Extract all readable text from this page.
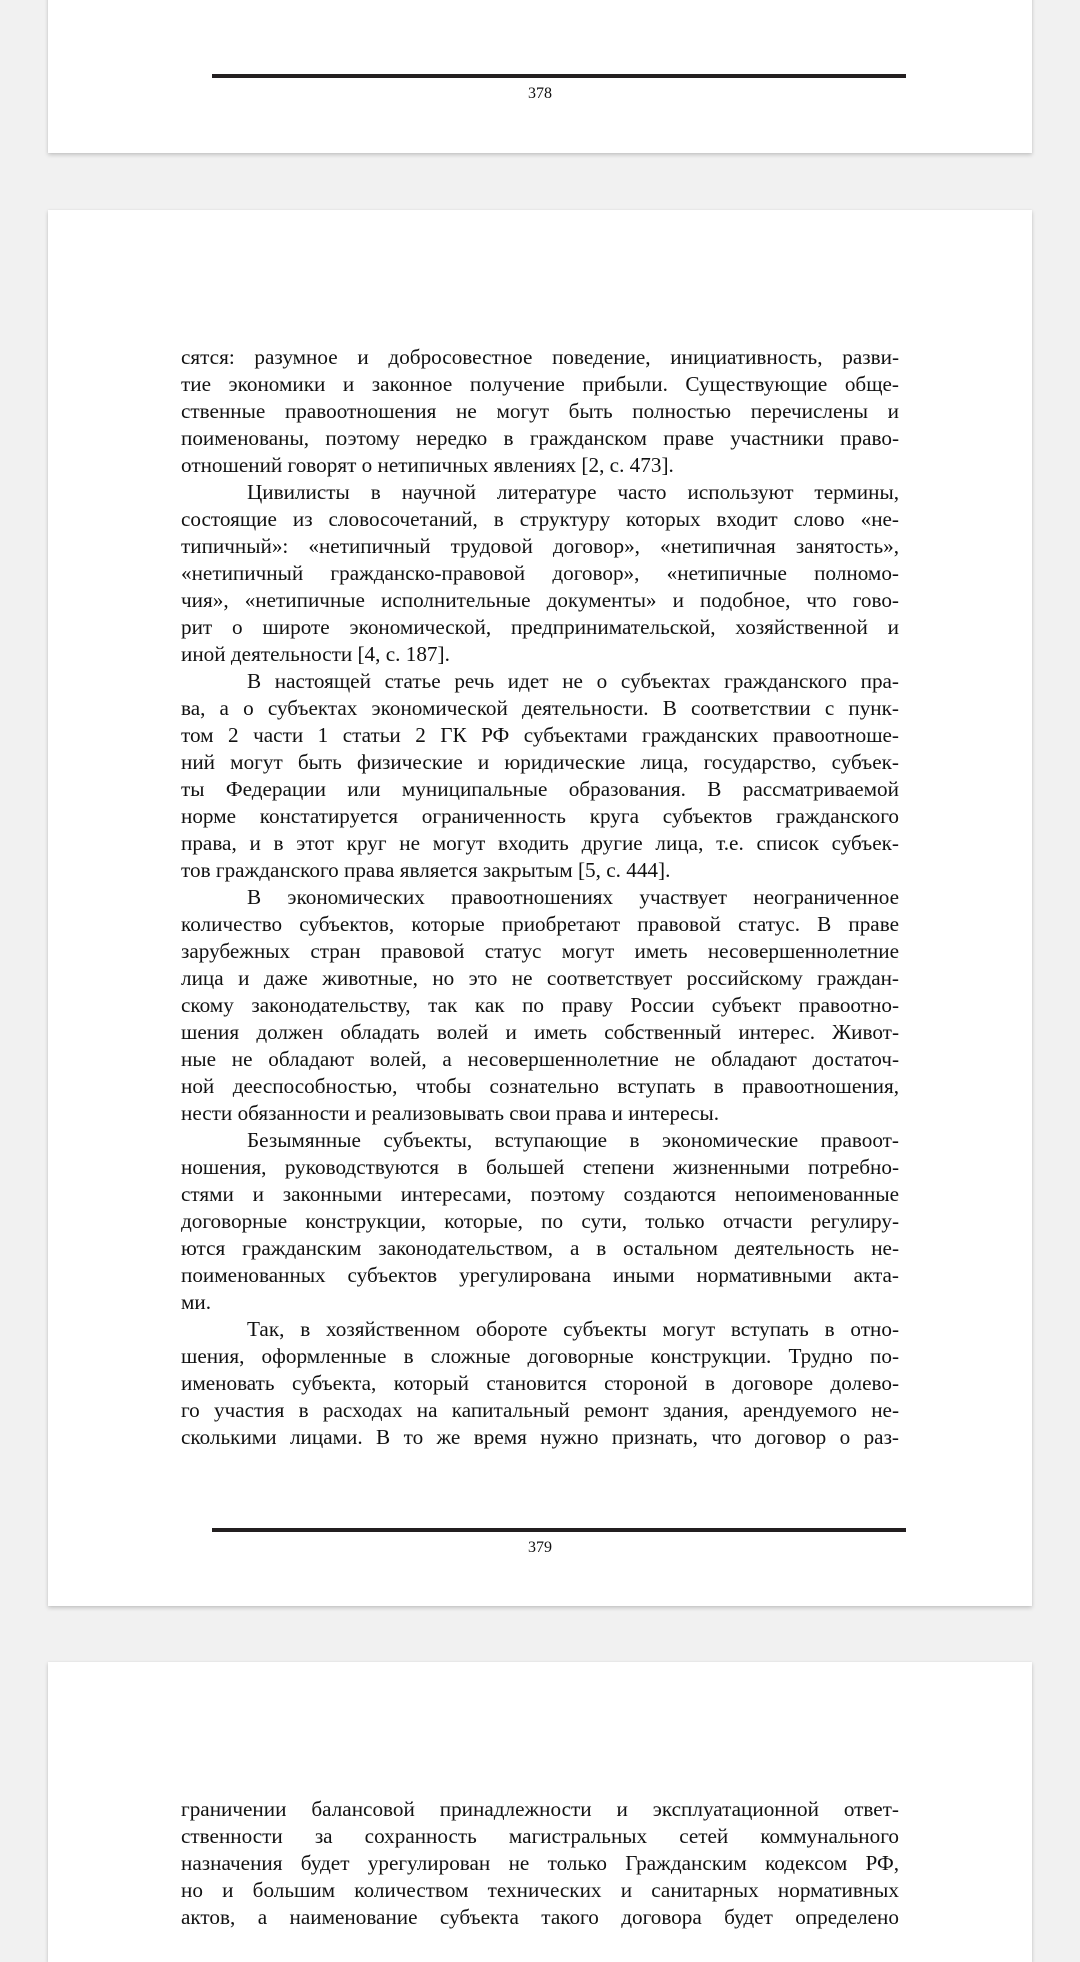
378

сятся: разумное и добросовестное поведение, инициативность, разви-
тие экономики и законное получение прибыли. Существующие обще-
ственные правоотношения не могут быть полностью перечислены и
поименованы, поэтому нередко в гражданском праве участники право-
отношений говорят о нетипичных явлениях [2, с. 473].

Цивилисты в научной литературе часто используют термины,
состоящие из словосочетаний, в структуру которых входит слово «не-
типичный»: «нетипичный трудовой договор», «нетипичная занятость»,
«нетипичный гражданско-правовой договор», «нетипичные полномо-
чия», «нетипичные исполнительные документы» и подобное, что гово-
рит о широте экономической, предпринимательской, хозяйственной и
иной деятельности [4, с. 187].

В настоящей статье речь идет не о субъектах гражданского пра-
ва, а о субъектах экономической деятельности. В соответствии с пунк-
том 2 части 1 статьи 2 ГК РФ субъектами гражданских правоотноше-
ний могут быть физические и юридические лица, государство, субъек-
ты Федерации или муниципальные образования. В рассматриваемой
норме констатируется ограниченность круга субъектов гражданского
права, и в этот круг не могут входить другие лица, т.е. список субъек-
тов гражданского права является закрытым [5, с. 444].

В экономических правоотношениях участвует неограниченное
количество субъектов, которые приобретают правовой статус. В праве
зарубежных стран правовой статус могут иметь несовершеннолетние
лица и даже животные, но это не соответствует российскому граждан-
скому законодательству, так как по праву России субъект правоотно-
шения должен обладать волей и иметь собственный интерес. Живот-
ные не обладают волей, а несовершеннолетние не обладают достаточ-
ной дееспособностью, чтобы сознательно вступать в правоотношения,
нести обязанности и реализовывать свои права и интересы.

Безымянные субъекты, вступающие в экономические правоот-
ношения, руководствуются в большей степени жизненными потребно-
стями и законными интересами, поэтому создаются непоименованные
договорные конструкции, которые, по сути, только отчасти регулиру-
ются гражданским законодательством, а в остальном деятельность не-
поименованных субъектов урегулирована иными нормативными акта-
ми.

Так, в хозяйственном обороте субъекты могут вступать в отно-
шения, оформленные в сложные договорные конструкции. Трудно по-
именовать субъекта, который становится стороной в договоре долево-
го участия в расходах на капитальный ремонт здания, арендуемого не-
сколькими лицами. В то же время нужно признать, что договор о раз-

379

граничении балансовой принадлежности и эксплуатационной ответ-
ственности за сохранность магистральных сетей коммунального
назначения будет урегулирован не только Гражданским кодексом РФ,
но и большим количеством технических и санитарных нормативных
актов, а наименование субъекта такого договора будет определено
